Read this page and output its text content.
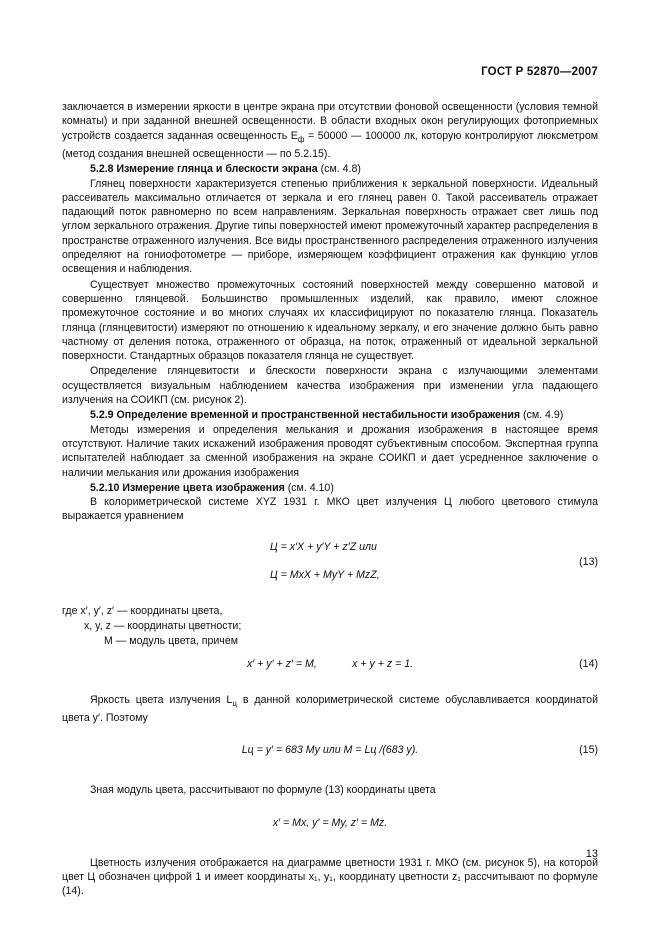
ГОСТ Р 52870—2007

заключается в измерении яркости в центре экрана при отсутствии фоновой освещенности (условия темной комнаты) и при заданной внешней освещенности. В области входных окон регулирующих фотоприемных устройств создается заданная освещенность $E_ф = 50000$ — 100000 лк, которую контролируют люксметром (метод создания внешней освещенности — по 5.2.15).

5.2.8 Измерение глянца и блескости экрана (см. 4.8)

Глянец поверхности характеризуется степенью приближения к зеркальной поверхности. Идеальный рассеиватель максимально отличается от зеркала и его глянец равен 0. Такой рассеиватель отражает падающий поток равномерно по всем направлениям. Зеркальная поверхность отражает свет лишь под углом зеркального отражения. Другие типы поверхностей имеют промежуточный характер распределения в пространстве отраженного излучения. Все виды пространственного распределения отраженного излучения определяют на гониофотометре — приборе, измеряющем коэффициент отражения как функцию углов освещения и наблюдения.

Существует множество промежуточных состояний поверхностей между совершенно матовой и совершенно глянцевой. Большинство промышленных изделий, как правило, имеют сложное промежуточное состояние и во многих случаях их классифицируют по показателю глянца. Показатель глянца (глянцевитости) измеряют по отношению к идеальному зеркалу, и его значение должно быть равно частному от деления потока, отраженного от образца, на поток, отраженный от идеальной зеркальной поверхности. Стандартных образцов показателя глянца не существует.

Определение глянцевитости и блескости поверхности экрана с излучающими элементами осуществляется визуальным наблюдением качества изображения при изменении угла падающего излучения на СОИКП (см. рисунок 2).

5.2.9 Определение временной и пространственной нестабильности изображения (см. 4.9)

Методы измерения и определения мелькания и дрожания изображения в настоящее время отсутствуют. Наличие таких искажений изображения проводят субъективным способом. Экспертная группа испытателей наблюдает за сменной изображения на экране СОИКП и дает усредненное заключение о наличии мелькания или дрожания изображения

5.2.10 Измерение цвета изображения (см. 4.10)

В колориметрической системе XYZ 1931 г. МКО цвет излучения Ц любого цветового стимула выражается уравнением

Ц = x′X + y′Y + z′Z или
Ц = MxX + MyY + MzZ,
(13)
где x′, y′, z′ — координаты цвета,
x, y, z — координаты цветности;
M — модуль цвета, причем
x′ + y′ + z′ = M,            x + y + z = 1.	(14)

Яркость цвета излучения $L_ц$ в данной колориметрической системе обуславливается координатой цвета y′. Поэтому

Lц = y′ = 683 My или M = Lц /(683 y).	(15)

Зная модуль цвета, рассчитывают по формуле (13) координаты цвета

x′ = Mx, y′ = My, z′ = Mz.

Цветность излучения отображается на диаграмме цветности 1931 г. МКО (см. рисунок 5), на которой цвет Ц обозначен цифрой 1 и имеет координаты x₁, y₁, координату цветности z₁ рассчитывают по формуле (14).

13
